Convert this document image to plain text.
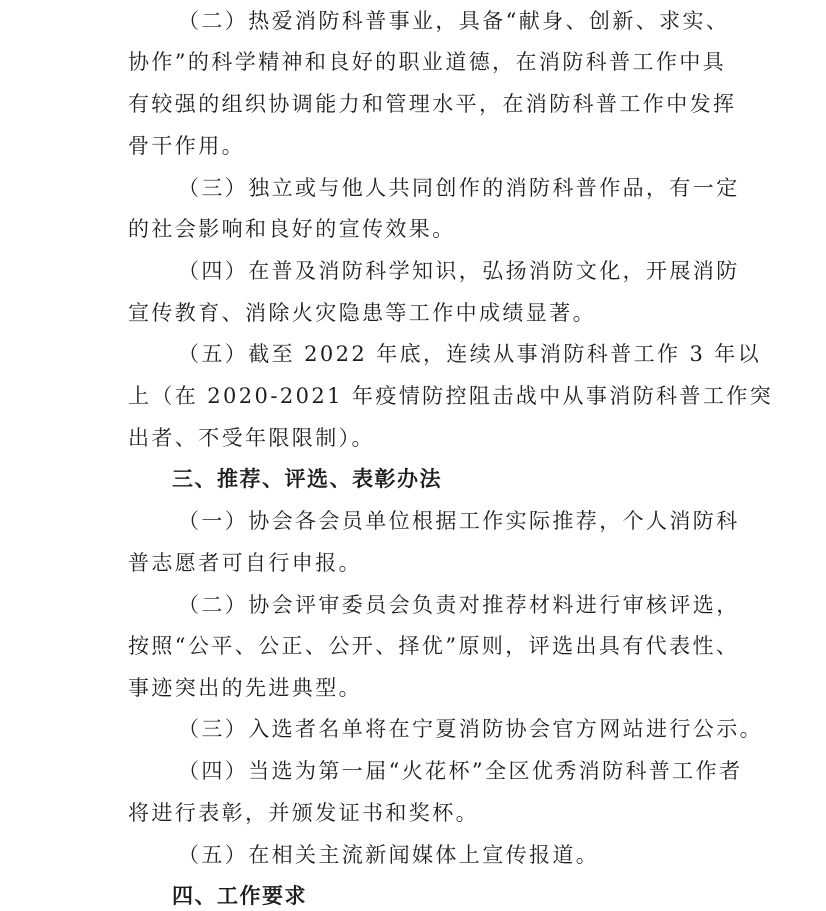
（二）热爱消防科普事业，具备“献身、创新、求实、
协作”的科学精神和良好的职业道德，在消防科普工作中具
有较强的组织协调能力和管理水平，在消防科普工作中发挥
骨干作用。
（三）独立或与他人共同创作的消防科普作品，有一定
的社会影响和良好的宣传效果。
（四）在普及消防科学知识，弘扬消防文化，开展消防
宣传教育、消除火灾隐患等工作中成绩显著。
（五）截至 2022 年底，连续从事消防科普工作 3 年以
上（在 2020-2021 年疫情防控阻击战中从事消防科普工作突
出者、不受年限限制）。
三、推荐、评选、表彰办法
（一）协会各会员单位根据工作实际推荐，个人消防科
普志愿者可自行申报。
（二）协会评审委员会负责对推荐材料进行审核评选，
按照“公平、公正、公开、择优”原则，评选出具有代表性、
事迹突出的先进典型。
（三）入选者名单将在宁夏消防协会官方网站进行公示。
（四）当选为第一届“火花杯”全区优秀消防科普工作者
将进行表彰，并颁发证书和奖杯。
（五）在相关主流新闻媒体上宣传报道。
四、工作要求
